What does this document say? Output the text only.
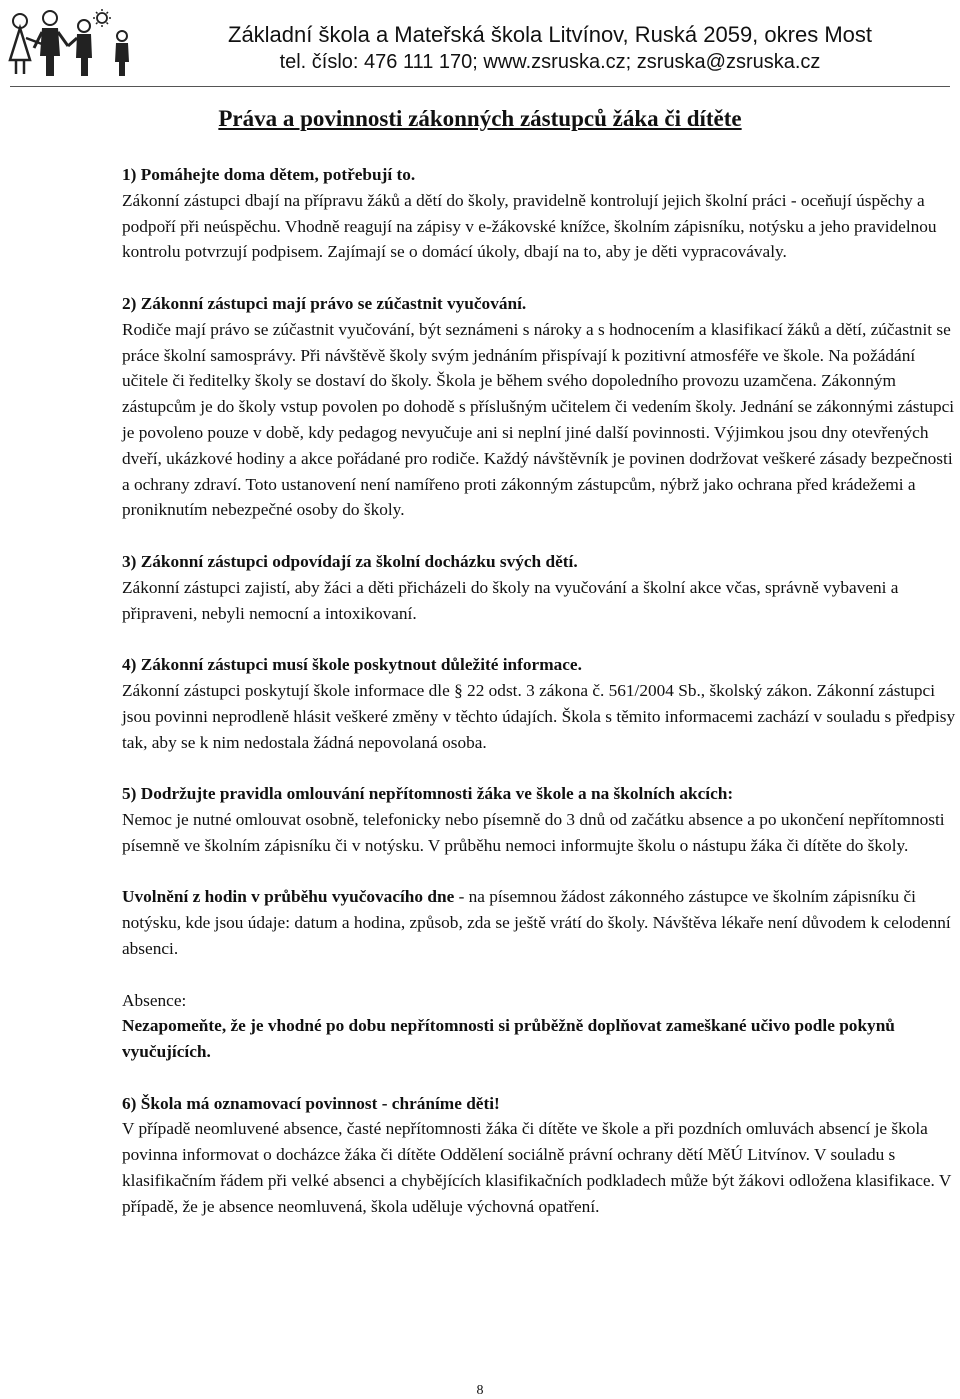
Základní škola a Mateřská škola Litvínov, Ruská 2059, okres Most
tel. číslo: 476 111 170; www.zsruska.cz; zsruska@zsruska.cz
Práva a povinnosti zákonných zástupců žáka či dítěte

1) Pomáhejte doma dětem, potřebují to.

Zákonní zástupci dbají na přípravu žáků a dětí do školy, pravidelně kontrolují jejich školní práci - oceňují úspěchy a podpoří při neúspěchu. Vhodně reagují na zápisy v e-žákovské knížce, školním zápisníku, notýsku a jeho pravidelnou kontrolu potvrzují podpisem. Zajímají se o domácí úkoly, dbají na to, aby je děti vypracovávaly.

2) Zákonní zástupci mají právo se zúčastnit vyučování.

Rodiče mají právo se zúčastnit vyučování, být seznámeni s nároky a s hodnocením a klasifikací žáků a dětí, zúčastnit se práce školní samosprávy. Při návštěvě školy svým jednáním přispívají k pozitivní atmosféře ve škole. Na požádání učitele či ředitelky školy se dostaví do školy. Škola je během svého dopoledního provozu uzamčena. Zákonným zástupcům je do školy vstup povolen po dohodě s příslušným učitelem či vedením školy. Jednání se zákonnými zástupci je povoleno pouze v době, kdy pedagog nevyučuje ani si neplní jiné další povinnosti. Výjimkou jsou dny otevřených dveří, ukázkové hodiny a akce pořádané pro rodiče. Každý návštěvník je povinen dodržovat veškeré zásady bezpečnosti a ochrany zdraví. Toto ustanovení není namířeno proti zákonným zástupcům, nýbrž jako ochrana před krádežemi a proniknutím nebezpečné osoby do školy.

3) Zákonní zástupci odpovídají za školní docházku svých dětí.

Zákonní zástupci zajistí, aby žáci a děti přicházeli do školy na vyučování a školní akce včas, správně vybaveni a připraveni, nebyli nemocní a intoxikovaní.

4) Zákonní zástupci musí škole poskytnout důležité informace.

Zákonní zástupci poskytují škole informace dle § 22 odst. 3 zákona č. 561/2004 Sb., školský zákon. Zákonní zástupci jsou povinni neprodleně hlásit veškeré změny v těchto údajích. Škola s těmito informacemi zachází v souladu s předpisy tak, aby se k nim nedostala žádná nepovolaná osoba.

5) Dodržujte pravidla omlouvání nepřítomnosti žáka ve škole a na školních akcích:

Nemoc je nutné omlouvat osobně, telefonicky nebo písemně do 3 dnů od začátku absence a po ukončení nepřítomnosti písemně ve školním zápisníku či v notýsku. V průběhu nemoci informujte školu o nástupu žáka či dítěte do školy.

Uvolnění z hodin v průběhu vyučovacího dne - na písemnou žádost zákonného zástupce ve školním zápisníku či notýsku, kde jsou údaje: datum a hodina, způsob, zda se ještě vrátí do školy. Návštěva lékaře není důvodem k celodenní absenci.

Absence:

Nezapomeňte, že je vhodné po dobu nepřítomnosti si průběžně doplňovat zameškané učivo podle pokynů vyučujících.

6) Škola má oznamovací povinnost - chráníme děti!

V případě neomluvené absence, časté nepřítomnosti žáka či dítěte ve škole a při pozdních omluvách absencí je škola povinna informovat o docházce žáka či dítěte Oddělení sociálně právní ochrany dětí MěÚ Litvínov. V souladu s klasifikačním řádem při velké absenci a chybějících klasifikačních podkladech může být žákovi odložena klasifikace. V případě, že je absence neomluvená, škola uděluje výchovná opatření.

8
